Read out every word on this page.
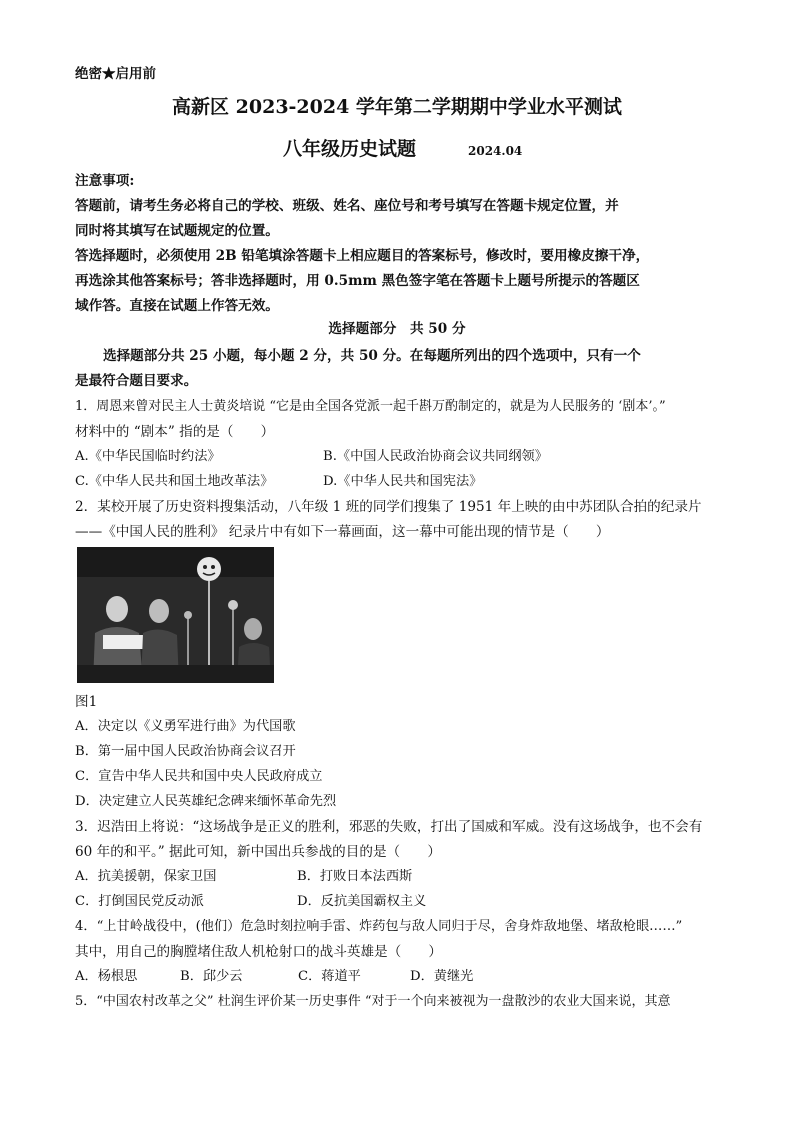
绝密★启用前
高新区 2023-2024 学年第二学期期中学业水平测试
八年级历史试题	2024.04
注意事项:
答题前，请考生务必将自己的学校、班级、姓名、座位号和考号填写在答题卡规定位置，并
同时将其填写在试题规定的位置。
答选择题时，必须使用 2B 铅笔填涂答题卡上相应题目的答案标号，修改时，要用橡皮擦干净，
再选涂其他答案标号；答非选择题时，用 0.5mm 黑色签字笔在答题卡上题号所提示的答题区
域作答。直接在试题上作答无效。
选择题部分　共 50 分
选择题部分共 25 小题，每小题 2 分，共 50 分。在每题所列出的四个选项中，只有一个
是最符合题目要求。
1．周恩来曾对民主人士黄炎培说 “它是由全国各党派一起千斟万酌制定的，就是为人民服务的 ‘剧本’。”
材料中的 “剧本” 指的是（　　）
A.《中华民国临时约法》	B.《中国人民政治协商会议共同纲领》
C.《中华人民共和国土地改革法》	D.《中华人民共和国宪法》
2．某校开展了历史资料搜集活动，八年级 1 班的同学们搜集了 1951 年上映的由中苏团队合拍的纪录片
——《中国人民的胜利》 纪录片中有如下一幕画面，这一幕中可能出现的情节是（　　）
图1
A．决定以《义勇军进行曲》为代国歌
B．第一届中国人民政治协商会议召开
C．宣告中华人民共和国中央人民政府成立
D．决定建立人民英雄纪念碑来缅怀革命先烈
3．迟浩田上将说：“这场战争是正义的胜利，邪恶的失败，打出了国威和军威。没有这场战争，也不会有
60 年的和平。” 据此可知，新中国出兵参战的目的是（　　）
A．抗美援朝，保家卫国	B．打败日本法西斯
C．打倒国民党反动派	D．反抗美国霸权主义
4．“上甘岭战役中，(他们）危急时刻拉响手雷、炸药包与敌人同归于尽，舍身炸敌地堡、堵敌枪眼……”
其中，用自己的胸膛堵住敌人机枪射口的战斗英雄是（　　）
A．杨根思	B．邱少云	C．蒋道平	D．黄继光
5．“中国农村改革之父” 杜润生评价某一历史事件 “对于一个向来被视为一盘散沙的农业大国来说，其意
